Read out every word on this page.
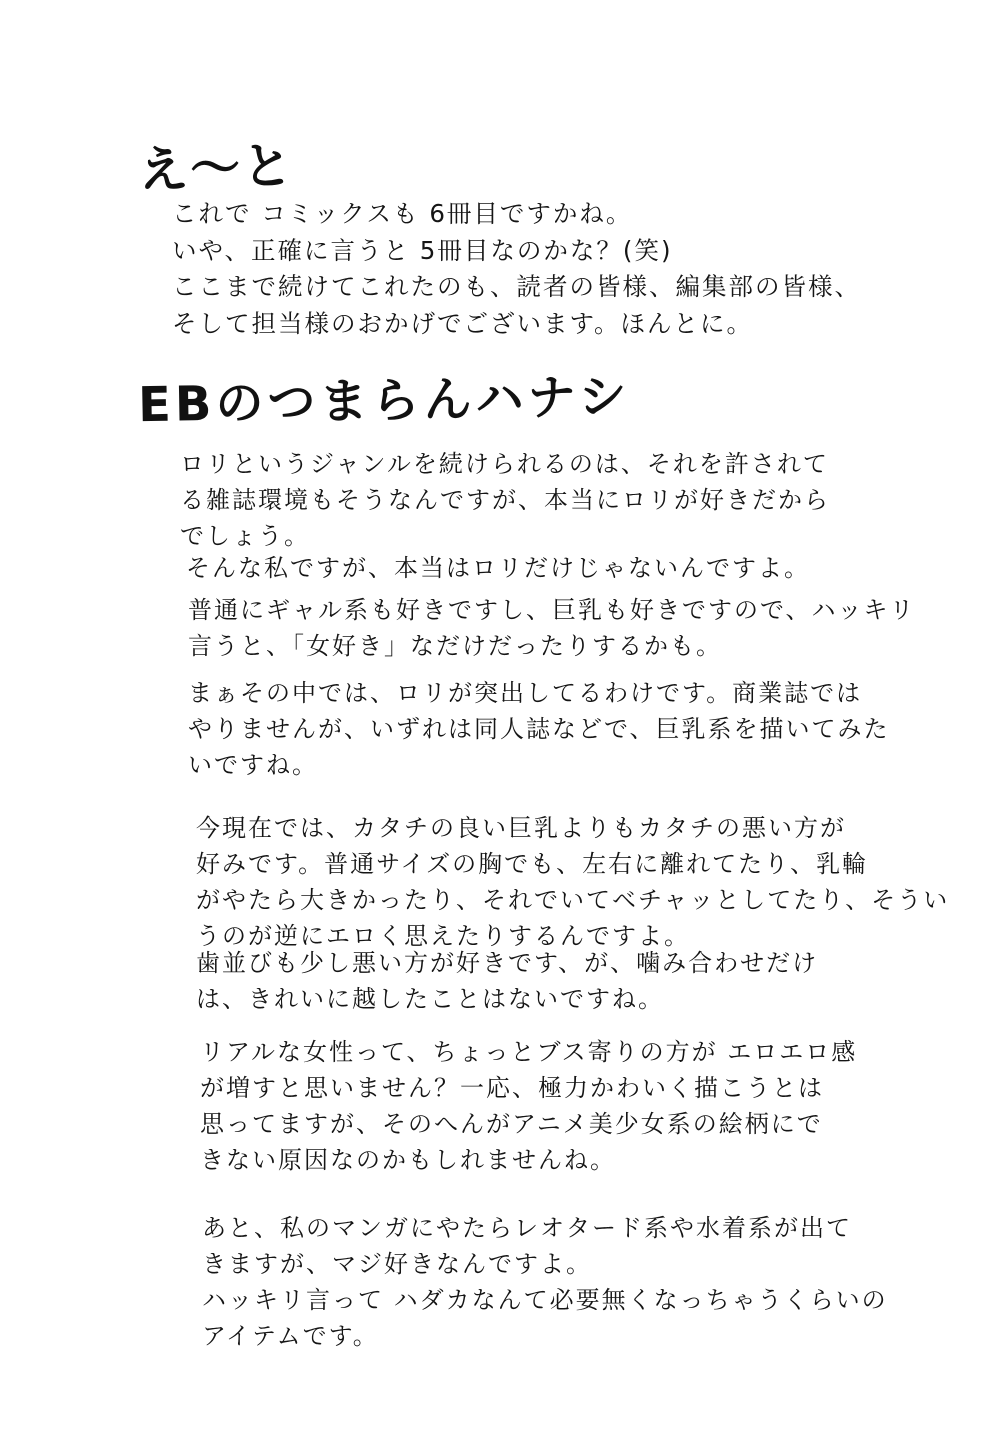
え〜と
これで コミックスも 6冊目ですかね。
いや、正確に言うと 5冊目なのかな？(笑)
ここまで続けてこれたのも、読者の皆様、編集部の皆様、
そして担当様のおかげでございます。ほんとに。
EBのつまらんハナシ
ロリというジャンルを続けられるのは、それを許されて
る雑誌環境もそうなんですが、本当にロリが好きだから
でしょう。
そんな私ですが、本当はロリだけじゃないんですよ。
普通にギャル系も好きですし、巨乳も好きですので、ハッキリ
言うと、「女好き」なだけだったりするかも。
まぁその中では、ロリが突出してるわけです。商業誌では
やりませんが、いずれは同人誌などで、巨乳系を描いてみた
いですね。
今現在では、カタチの良い巨乳よりもカタチの悪い方が
好みです。普通サイズの胸でも、左右に離れてたり、乳輪
がやたら大きかったり、それでいてベチャッとしてたり、そうい
うのが逆にエロく思えたりするんですよ。
歯並びも少し悪い方が好きです、が、噛み合わせだけ
は、きれいに越したことはないですね。
リアルな女性って、ちょっとブス寄りの方が エロエロ感
が増すと思いません？一応、極力かわいく描こうとは
思ってますが、そのへんがアニメ美少女系の絵柄にで
きない原因なのかもしれませんね。
あと、私のマンガにやたらレオタード系や水着系が出て
きますが、マジ好きなんですよ。
ハッキリ言って ハダカなんて必要無くなっちゃうくらいの
アイテムです。
